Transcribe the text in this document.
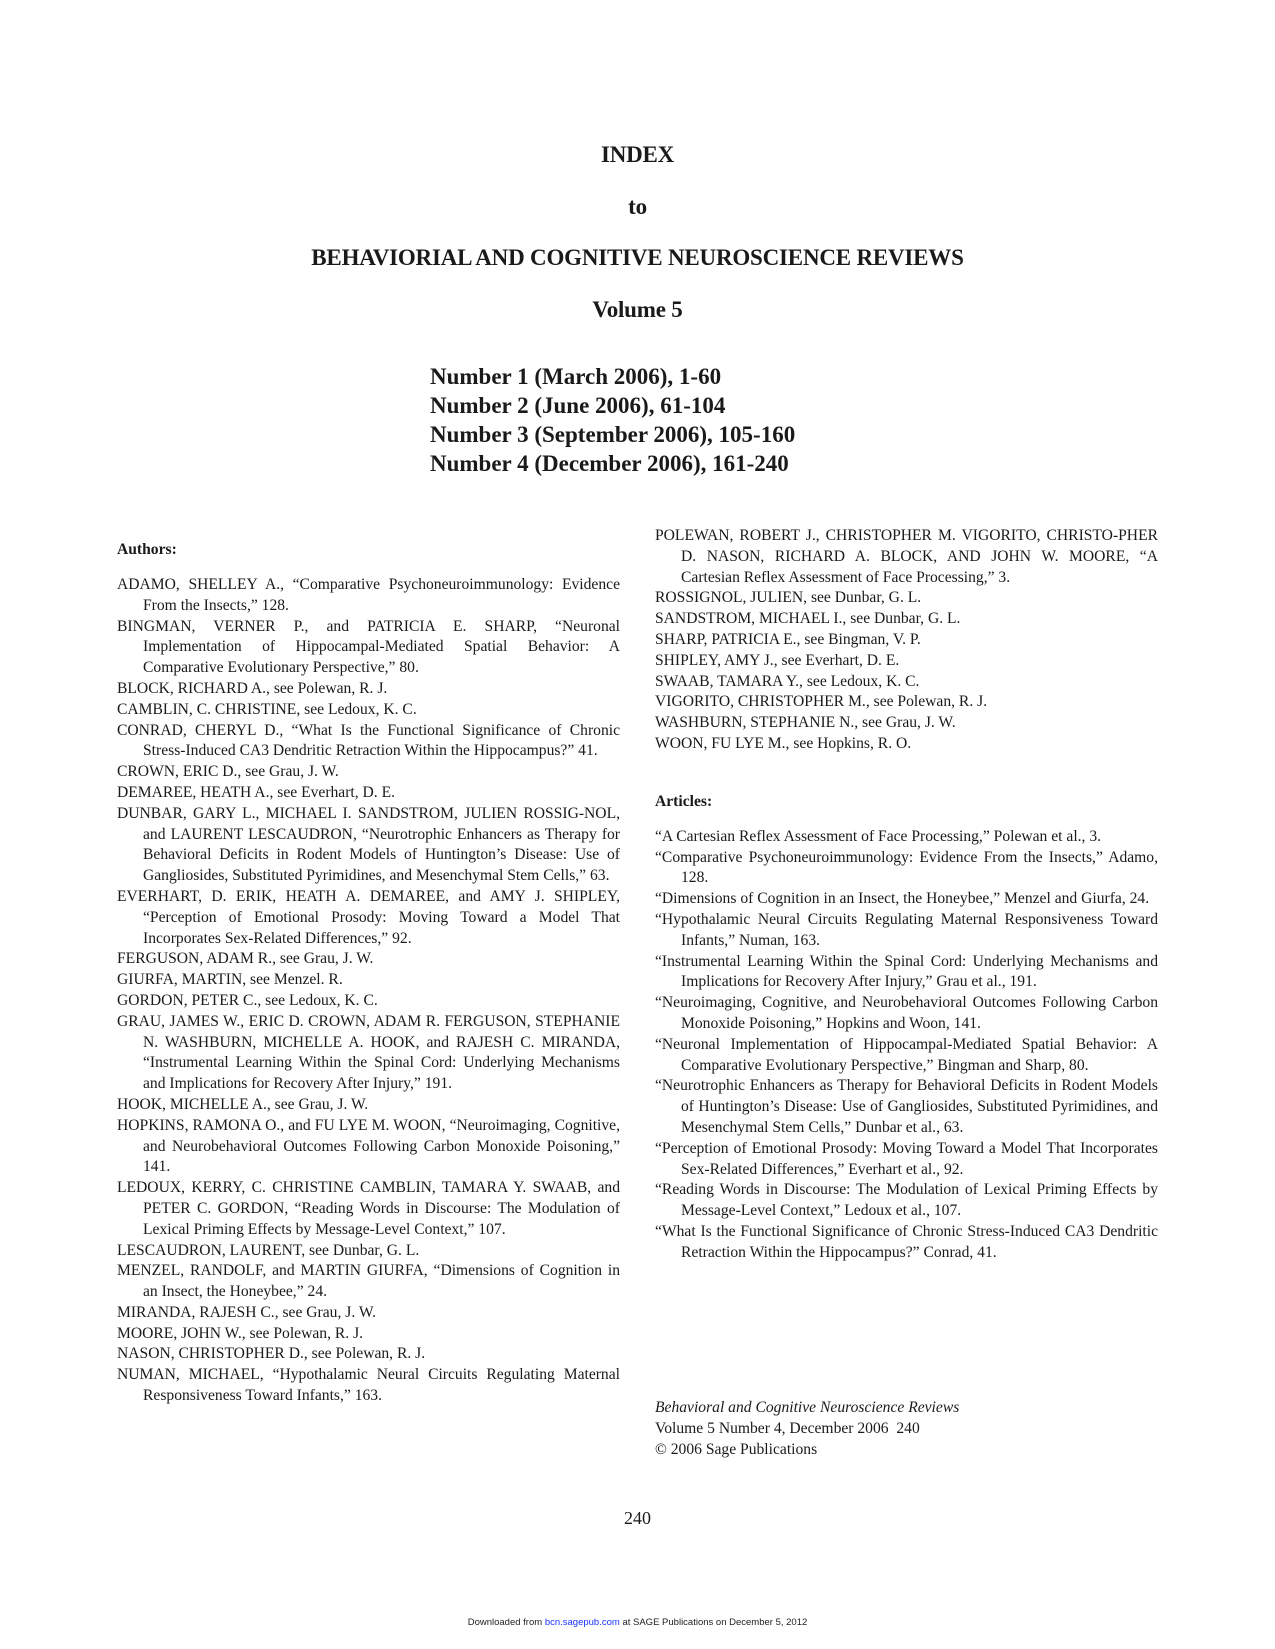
INDEX
to
BEHAVIORIAL AND COGNITIVE NEUROSCIENCE REVIEWS
Volume 5
Number 1 (March 2006), 1-60
Number 2 (June 2006), 61-104
Number 3 (September 2006), 105-160
Number 4 (December 2006), 161-240
Authors:

ADAMO, SHELLEY A., “Comparative Psychoneuroimmunology: Evidence From the Insects,” 128.

BINGMAN, VERNER P., and PATRICIA E. SHARP, “Neuronal Implementation of Hippocampal-Mediated Spatial Behavior: A Comparative Evolutionary Perspective,” 80.

BLOCK, RICHARD A., see Polewan, R. J.

CAMBLIN, C. CHRISTINE, see Ledoux, K. C.

CONRAD, CHERYL D., “What Is the Functional Significance of Chronic Stress-Induced CA3 Dendritic Retraction Within the Hippocampus?” 41.

CROWN, ERIC D., see Grau, J. W.

DEMAREE, HEATH A., see Everhart, D. E.

DUNBAR, GARY L., MICHAEL I. SANDSTROM, JULIEN ROSSIG-NOL, and LAURENT LESCAUDRON, “Neurotrophic Enhancers as Therapy for Behavioral Deficits in Rodent Models of Huntington’s Disease: Use of Gangliosides, Substituted Pyrimidines, and Mesenchymal Stem Cells,” 63.

EVERHART, D. ERIK, HEATH A. DEMAREE, and AMY J. SHIPLEY, “Perception of Emotional Prosody: Moving Toward a Model That Incorporates Sex-Related Differences,” 92.

FERGUSON, ADAM R., see Grau, J. W.

GIURFA, MARTIN, see Menzel. R.

GORDON, PETER C., see Ledoux, K. C.

GRAU, JAMES W., ERIC D. CROWN, ADAM R. FERGUSON, STEPHANIE N. WASHBURN, MICHELLE A. HOOK, and RAJESH C. MIRANDA, “Instrumental Learning Within the Spinal Cord: Underlying Mechanisms and Implications for Recovery After Injury,” 191.

HOOK, MICHELLE A., see Grau, J. W.

HOPKINS, RAMONA O., and FU LYE M. WOON, “Neuroimaging, Cognitive, and Neurobehavioral Outcomes Following Carbon Monoxide Poisoning,” 141.

LEDOUX, KERRY, C. CHRISTINE CAMBLIN, TAMARA Y. SWAAB, and PETER C. GORDON, “Reading Words in Discourse: The Modulation of Lexical Priming Effects by Message-Level Context,” 107.

LESCAUDRON, LAURENT, see Dunbar, G. L.

MENZEL, RANDOLF, and MARTIN GIURFA, “Dimensions of Cognition in an Insect, the Honeybee,” 24.

MIRANDA, RAJESH C., see Grau, J. W.

MOORE, JOHN W., see Polewan, R. J.

NASON, CHRISTOPHER D., see Polewan, R. J.

NUMAN, MICHAEL, “Hypothalamic Neural Circuits Regulating Maternal Responsiveness Toward Infants,” 163.

POLEWAN, ROBERT J., CHRISTOPHER M. VIGORITO, CHRISTO-PHER D. NASON, RICHARD A. BLOCK, AND JOHN W. MOORE, “A Cartesian Reflex Assessment of Face Processing,” 3.

ROSSIGNOL, JULIEN, see Dunbar, G. L.

SANDSTROM, MICHAEL I., see Dunbar, G. L.

SHARP, PATRICIA E., see Bingman, V. P.

SHIPLEY, AMY J., see Everhart, D. E.

SWAAB, TAMARA Y., see Ledoux, K. C.

VIGORITO, CHRISTOPHER M., see Polewan, R. J.

WASHBURN, STEPHANIE N., see Grau, J. W.

WOON, FU LYE M., see Hopkins, R. O.

Articles:

“A Cartesian Reflex Assessment of Face Processing,” Polewan et al., 3.

“Comparative Psychoneuroimmunology: Evidence From the Insects,” Adamo, 128.

“Dimensions of Cognition in an Insect, the Honeybee,” Menzel and Giurfa, 24.

“Hypothalamic Neural Circuits Regulating Maternal Responsiveness Toward Infants,” Numan, 163.

“Instrumental Learning Within the Spinal Cord: Underlying Mechanisms and Implications for Recovery After Injury,” Grau et al., 191.

“Neuroimaging, Cognitive, and Neurobehavioral Outcomes Following Carbon Monoxide Poisoning,” Hopkins and Woon, 141.

“Neuronal Implementation of Hippocampal-Mediated Spatial Behavior: A Comparative Evolutionary Perspective,” Bingman and Sharp, 80.

“Neurotrophic Enhancers as Therapy for Behavioral Deficits in Rodent Models of Huntington’s Disease: Use of Gangliosides, Substituted Pyrimidines, and Mesenchymal Stem Cells,” Dunbar et al., 63.

“Perception of Emotional Prosody: Moving Toward a Model That Incorporates Sex-Related Differences,” Everhart et al., 92.

“Reading Words in Discourse: The Modulation of Lexical Priming Effects by Message-Level Context,” Ledoux et al., 107.

“What Is the Functional Significance of Chronic Stress-Induced CA3 Dendritic Retraction Within the Hippocampus?” Conrad, 41.

Behavioral and Cognitive Neuroscience Reviews
Volume 5 Number 4, December 2006  240
© 2006 Sage Publications
240
Downloaded from bcn.sagepub.com at SAGE Publications on December 5, 2012
